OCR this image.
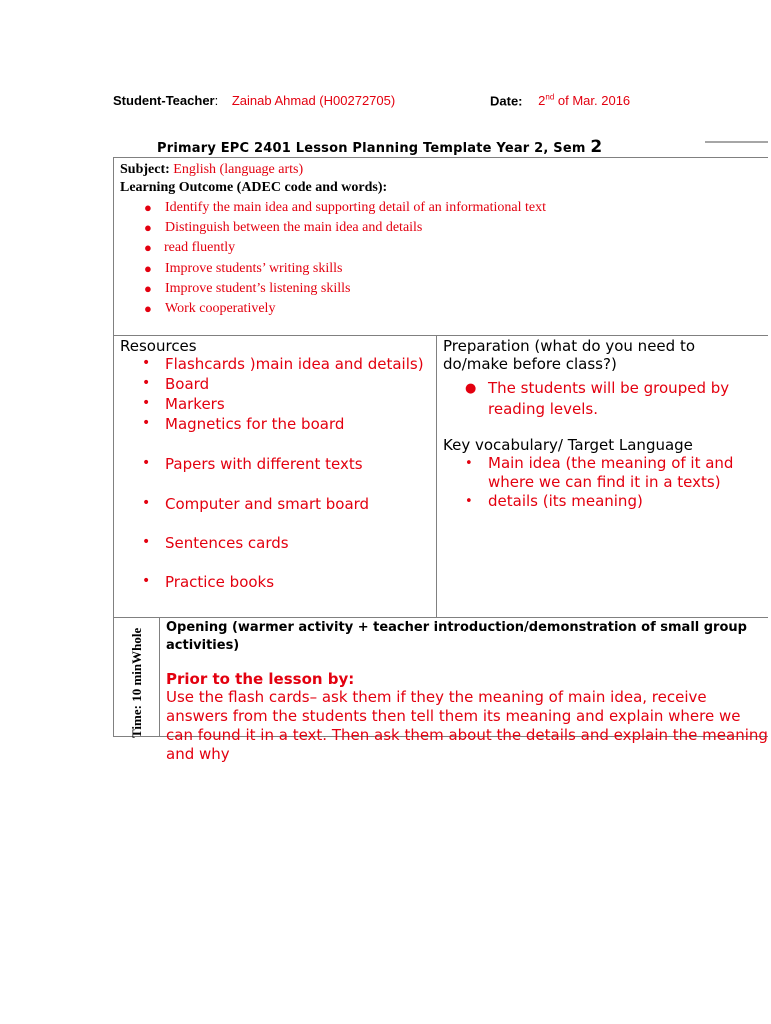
Student-Teacher: Zainab Ahmad (H00272705)	Date: 2nd of Mar. 2016
Primary EPC 2401 Lesson Planning Template Year 2, Sem 2
Subject: English (language arts)
Learning Outcome (ADEC code and words):
● Identify the main idea and supporting detail of an informational text
● Distinguish between the main idea and details
● read fluently
● Improve students’ writing skills
● Improve student’s listening skills
● Work cooperatively
Resources
• Flashcards )main idea and details)
• Board
• Markers
• Magnetics for the board
• Papers with different texts
• Computer and smart board
• Sentences cards
• Practice books
Preparation (what do you need to do/make before class?)
● The students will be grouped by reading levels.
Key vocabulary/ Target Language
• Main idea (the meaning of it and where we can find it in a texts)
• details (its meaning)
Time: 10 minWhole
Opening (warmer activity + teacher introduction/demonstration of small group activities)
Prior to the lesson by:
Use the flash cards– ask them if they the meaning of main idea, receive answers from the students then tell them its meaning and explain where we can found it in a text. Then ask them about the details and explain the meaning and why
